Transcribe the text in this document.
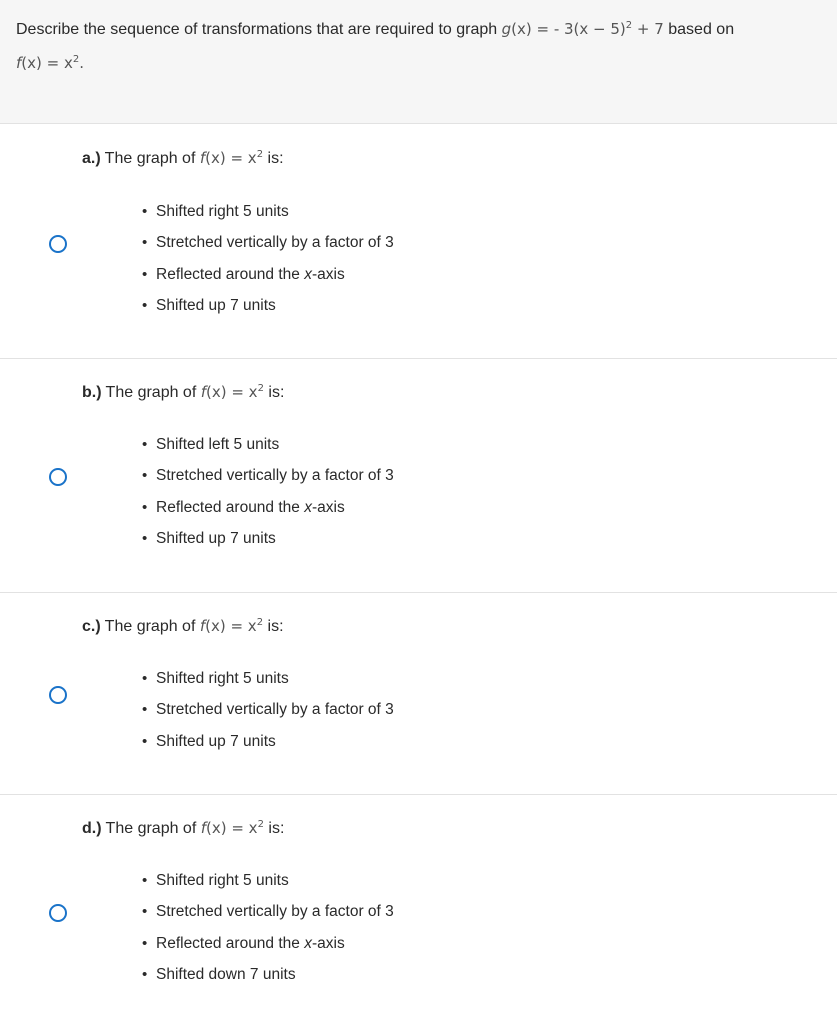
Describe the sequence of transformations that are required to graph g(x) = - $3(x - 5)^2 + 7$ based on
$f(x) = x^2$.
a.) The graph of $f(x) = x^2$ is:
• Shifted right 5 units
• Stretched vertically by a factor of 3
• Reflected around the x-axis
• Shifted up 7 units
b.) The graph of $f(x) = x^2$ is:
• Shifted left 5 units
• Stretched vertically by a factor of 3
• Reflected around the x-axis
• Shifted up 7 units
c.) The graph of $f(x) = x^2$ is:
• Shifted right 5 units
• Stretched vertically by a factor of 3
• Shifted up 7 units
d.) The graph of $f(x) = x^2$ is:
• Shifted right 5 units
• Stretched vertically by a factor of 3
• Reflected around the x-axis
• Shifted down 7 units
